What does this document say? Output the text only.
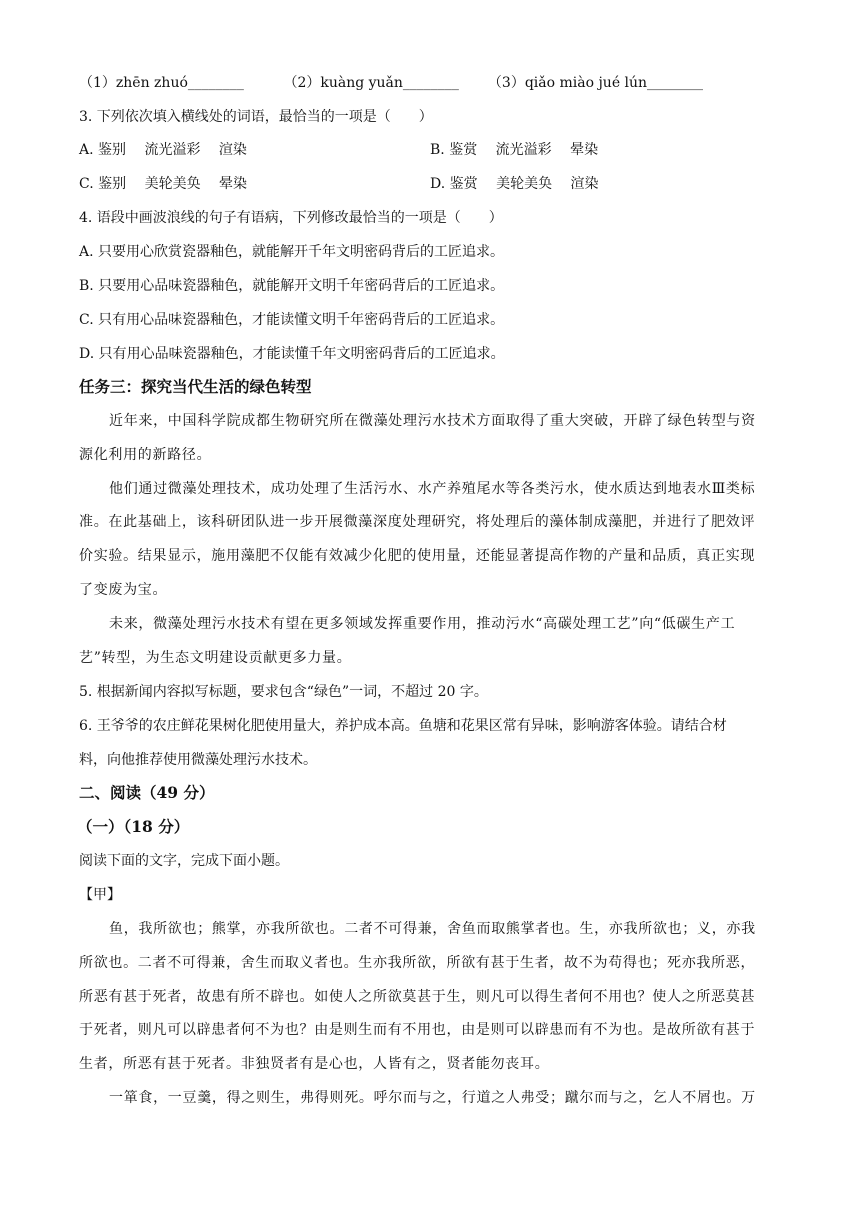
（1）zhēn zhuó________	（2）kuàng yuǎn________ （3）qiǎo miào jué lún________
3. 下列依次填入横线处的词语，最恰当的一项是（　　）
A. 鉴别　 流光溢彩　 渲染	B. 鉴赏　 流光溢彩　 晕染
C. 鉴别　 美轮美奂　 晕染	D. 鉴赏　 美轮美奂　 渲染
4. 语段中画波浪线的句子有语病，下列修改最恰当的一项是（　　）
A. 只要用心欣赏瓷器釉色，就能解开千年文明密码背后的工匠追求。
B. 只要用心品味瓷器釉色，就能解开文明千年密码背后的工匠追求。
C. 只有用心品味瓷器釉色，才能读懂文明千年密码背后的工匠追求。
D. 只有用心品味瓷器釉色，才能读懂千年文明密码背后的工匠追求。
任务三：探究当代生活的绿色转型
近年来，中国科学院成都生物研究所在微藻处理污水技术方面取得了重大突破，开辟了绿色转型与资
源化利用的新路径。
他们通过微藻处理技术，成功处理了生活污水、水产养殖尾水等各类污水，使水质达到地表水Ⅲ类标
准。在此基础上，该科研团队进一步开展微藻深度处理研究，将处理后的藻体制成藻肥，并进行了肥效评
价实验。结果显示，施用藻肥不仅能有效减少化肥的使用量，还能显著提高作物的产量和品质，真正实现
了变废为宝。
未来，微藻处理污水技术有望在更多领域发挥重要作用，推动污水“高碳处理工艺”向“低碳生产工
艺”转型，为生态文明建设贡献更多力量。
5. 根据新闻内容拟写标题，要求包含“绿色”一词，不超过 20 字。
6. 王爷爷的农庄鲜花果树化肥使用量大，养护成本高。鱼塘和花果区常有异味，影响游客体验。请结合材
料，向他推荐使用微藻处理污水技术。
二、阅读（49 分）
（一）（18 分）
阅读下面的文字，完成下面小题。
【甲】
鱼，我所欲也；熊掌，亦我所欲也。二者不可得兼，舍鱼而取熊掌者也。生，亦我所欲也；义，亦我
所欲也。二者不可得兼，舍生而取义者也。生亦我所欲，所欲有甚于生者，故不为苟得也；死亦我所恶，
所恶有甚于死者，故患有所不辟也。如使人之所欲莫甚于生，则凡可以得生者何不用也？使人之所恶莫甚
于死者，则凡可以辟患者何不为也？由是则生而有不用也，由是则可以辟患而有不为也。是故所欲有甚于
生者，所恶有甚于死者。非独贤者有是心也，人皆有之，贤者能勿丧耳。
一箪食，一豆羹，得之则生，弗得则死。呼尔而与之，行道之人弗受；蹴尔而与之，乞人不屑也。万
